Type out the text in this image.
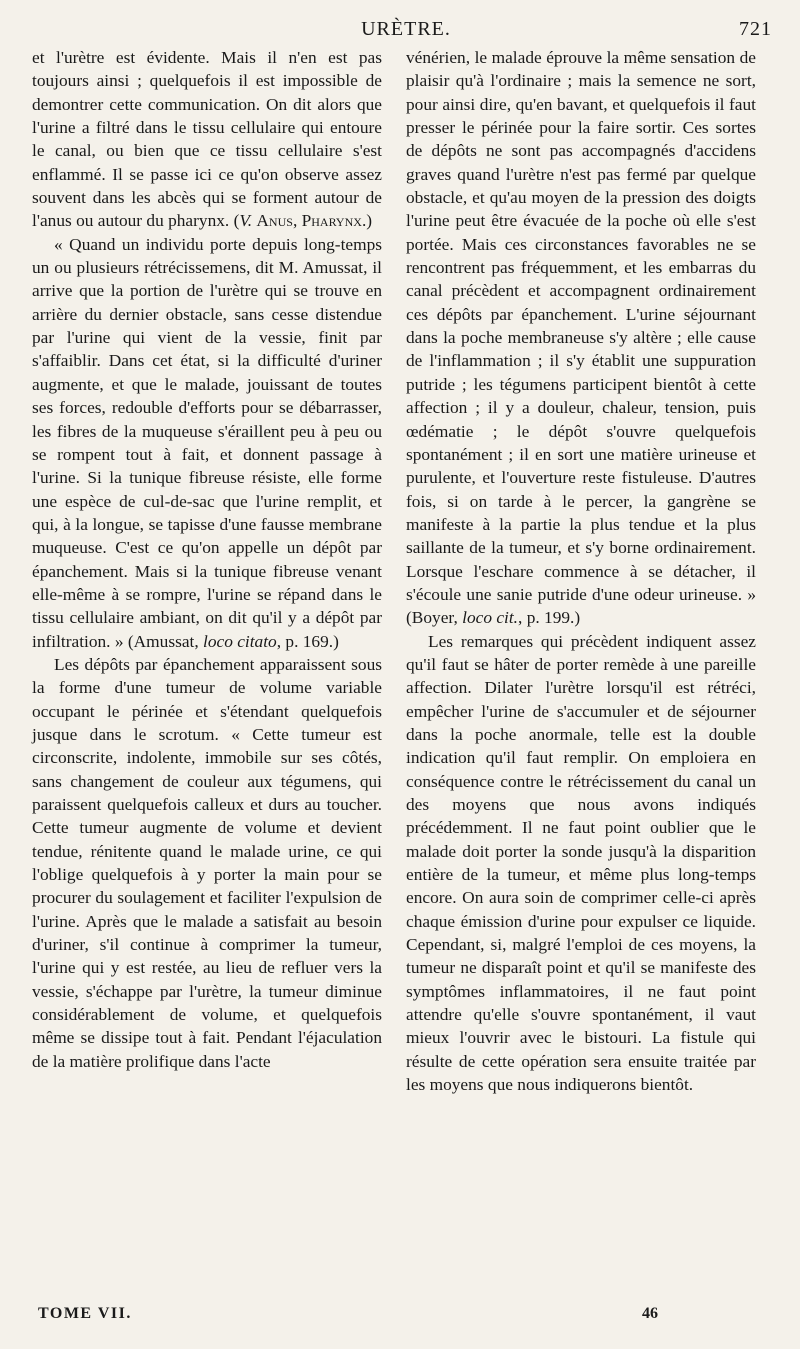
URÈTRE.	721

et l'urètre est évidente. Mais il n'en est pas toujours ainsi ; quelquefois il est impossible de demontrer cette communication. On dit alors que l'urine a filtré dans le tissu cellulaire qui entoure le canal, ou bien que ce tissu cellulaire s'est enflammé. Il se passe ici ce qu'on observe assez souvent dans les abcès qui se forment autour de l'anus ou autour du pharynx. (V. Anus, Pharynx.)

« Quand un individu porte depuis long-temps un ou plusieurs rétrécissemens, dit M. Amussat, il arrive que la portion de l'urètre qui se trouve en arrière du dernier obstacle, sans cesse distendue par l'urine qui vient de la vessie, finit par s'affaiblir. Dans cet état, si la difficulté d'uriner augmente, et que le malade, jouissant de toutes ses forces, redouble d'efforts pour se débarrasser, les fibres de la muqueuse s'éraillent peu à peu ou se rompent tout à fait, et donnent passage à l'urine. Si la tunique fibreuse résiste, elle forme une espèce de cul-de-sac que l'urine remplit, et qui, à la longue, se tapisse d'une fausse membrane muqueuse. C'est ce qu'on appelle un dépôt par épanchement. Mais si la tunique fibreuse venant elle-même à se rompre, l'urine se répand dans le tissu cellulaire ambiant, on dit qu'il y a dépôt par infiltration. » (Amussat, loco citato, p. 169.)

Les dépôts par épanchement apparaissent sous la forme d'une tumeur de volume variable occupant le périnée et s'étendant quelquefois jusque dans le scrotum. « Cette tumeur est circonscrite, indolente, immobile sur ses côtés, sans changement de couleur aux tégumens, qui paraissent quelquefois calleux et durs au toucher. Cette tumeur augmente de volume et devient tendue, rénitente quand le malade urine, ce qui l'oblige quelquefois à y porter la main pour se procurer du soulagement et faciliter l'expulsion de l'urine. Après que le malade a satisfait au besoin d'uriner, s'il continue à comprimer la tumeur, l'urine qui y est restée, au lieu de refluer vers la vessie, s'échappe par l'urètre, la tumeur diminue considérablement de volume, et quelquefois même se dissipe tout à fait. Pendant l'éjaculation de la matière prolifique dans l'acte

vénérien, le malade éprouve la même sensation de plaisir qu'à l'ordinaire ; mais la semence ne sort, pour ainsi dire, qu'en bavant, et quelquefois il faut presser le périnée pour la faire sortir. Ces sortes de dépôts ne sont pas accompagnés d'accidens graves quand l'urètre n'est pas fermé par quelque obstacle, et qu'au moyen de la pression des doigts l'urine peut être évacuée de la poche où elle s'est portée. Mais ces circonstances favorables ne se rencontrent pas fréquemment, et les embarras du canal précèdent et accompagnent ordinairement ces dépôts par épanchement. L'urine séjournant dans la poche membraneuse s'y altère ; elle cause de l'inflammation ; il s'y établit une suppuration putride ; les tégumens participent bientôt à cette affection ; il y a douleur, chaleur, tension, puis œdématie ; le dépôt s'ouvre quelquefois spontanément ; il en sort une matière urineuse et purulente, et l'ouverture reste fistuleuse. D'autres fois, si on tarde à le percer, la gangrène se manifeste à la partie la plus tendue et la plus saillante de la tumeur, et s'y borne ordinairement. Lorsque l'eschare commence à se détacher, il s'écoule une sanie putride d'une odeur urineuse. » (Boyer, loco cit., p. 199.)

Les remarques qui précèdent indiquent assez qu'il faut se hâter de porter remède à une pareille affection. Dilater l'urètre lorsqu'il est rétréci, empêcher l'urine de s'accumuler et de séjourner dans la poche anormale, telle est la double indication qu'il faut remplir. On emploiera en conséquence contre le rétrécissement du canal un des moyens que nous avons indiqués précédemment. Il ne faut point oublier que le malade doit porter la sonde jusqu'à la disparition entière de la tumeur, et même plus long-temps encore. On aura soin de comprimer celle-ci après chaque émission d'urine pour expulser ce liquide. Cependant, si, malgré l'emploi de ces moyens, la tumeur ne disparaît point et qu'il se manifeste des symptômes inflammatoires, il ne faut point attendre qu'elle s'ouvre spontanément, il vaut mieux l'ouvrir avec le bistouri. La fistule qui résulte de cette opération sera ensuite traitée par les moyens que nous indiquerons bientôt.

TOME VII.	46
